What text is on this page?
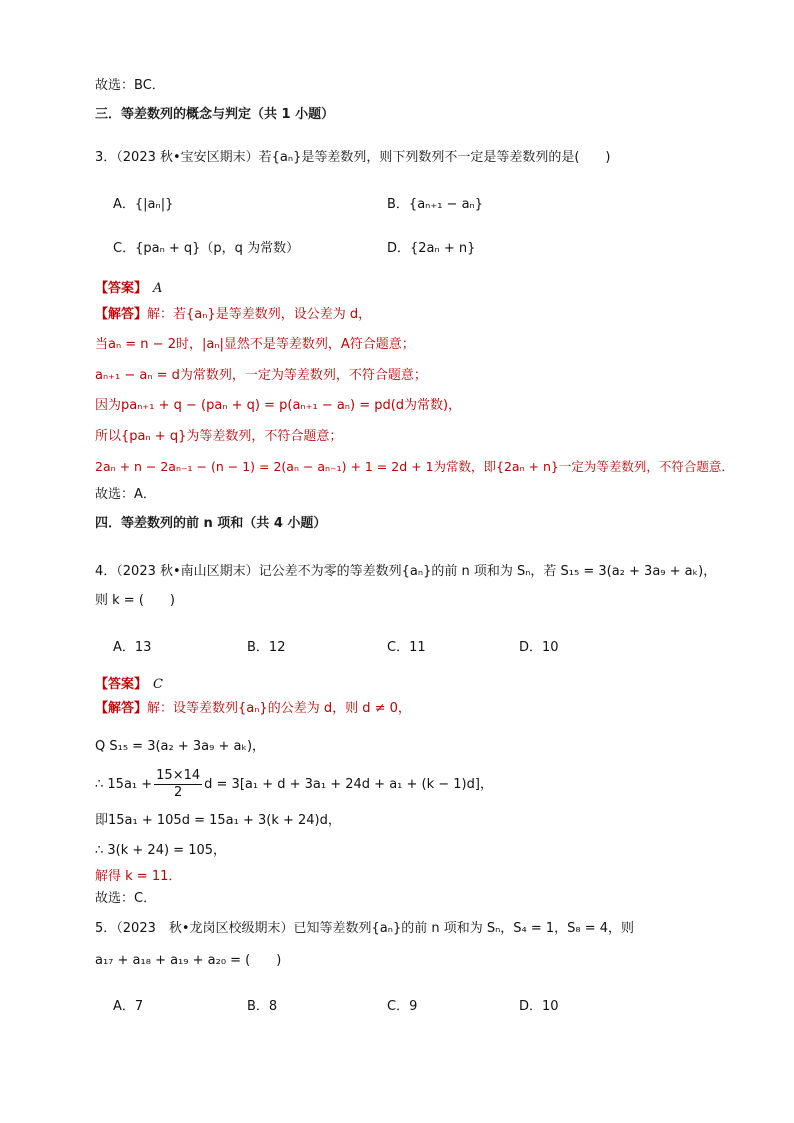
故选：BC．
三．等差数列的概念与判定（共 1 小题）
3．（2023 秋•宝安区期末）若{aₙ}是等差数列，则下列数列不一定是等差数列的是(　　)
A．{|aₙ|}	B．{aₙ₊₁ − aₙ}
C．{paₙ + q}（p，q 为常数）	D．{2aₙ + n}
【答案】 A
【解答】解：若{aₙ}是等差数列，设公差为 d，
当aₙ = n − 2时，|aₙ|显然不是等差数列，A符合题意；
aₙ₊₁ − aₙ = d为常数列，一定为等差数列，不符合题意；
因为paₙ₊₁ + q − (paₙ + q) = p(aₙ₊₁ − aₙ) = pd(d为常数)，
所以{paₙ + q}为等差数列，不符合题意；
2aₙ + n − 2aₙ₋₁ − (n − 1) = 2(aₙ − aₙ₋₁) + 1 = 2d + 1为常数，即{2aₙ + n}一定为等差数列，不符合题意．
故选：A．
四．等差数列的前 n 项和（共 4 小题）
4．（2023 秋•南山区期末）记公差不为零的等差数列{aₙ}的前 n 项和为 Sₙ，若 S₁₅ = 3(a₂ + 3a₉ + aₖ)，
则 k = (　　)
A．13	B．12	C．11	D．10
【答案】 C
【解答】解：设等差数列{aₙ}的公差为 d，则 d ≠ 0，
Q S₁₅ = 3(a₂ + 3a₉ + aₖ)，
∴ $15a_1 + \frac{15\times 14}{2}$ d = 3[a₁ + d + 3a₁ + 24d + a₁ + (k − 1)d]，
即15a₁ + 105d = 15a₁ + 3(k + 24)d，
∴ 3(k + 24) = 105，
解得 k = 11．
故选：C．
5．（2023　秋•龙岗区校级期末）已知等差数列{aₙ}的前 n 项和为 Sₙ，S₄ = 1，S₈ = 4，则
a₁₇ + a₁₈ + a₁₉ + a₂₀ = (　　)
A．7	B．8	C．9	D．10
